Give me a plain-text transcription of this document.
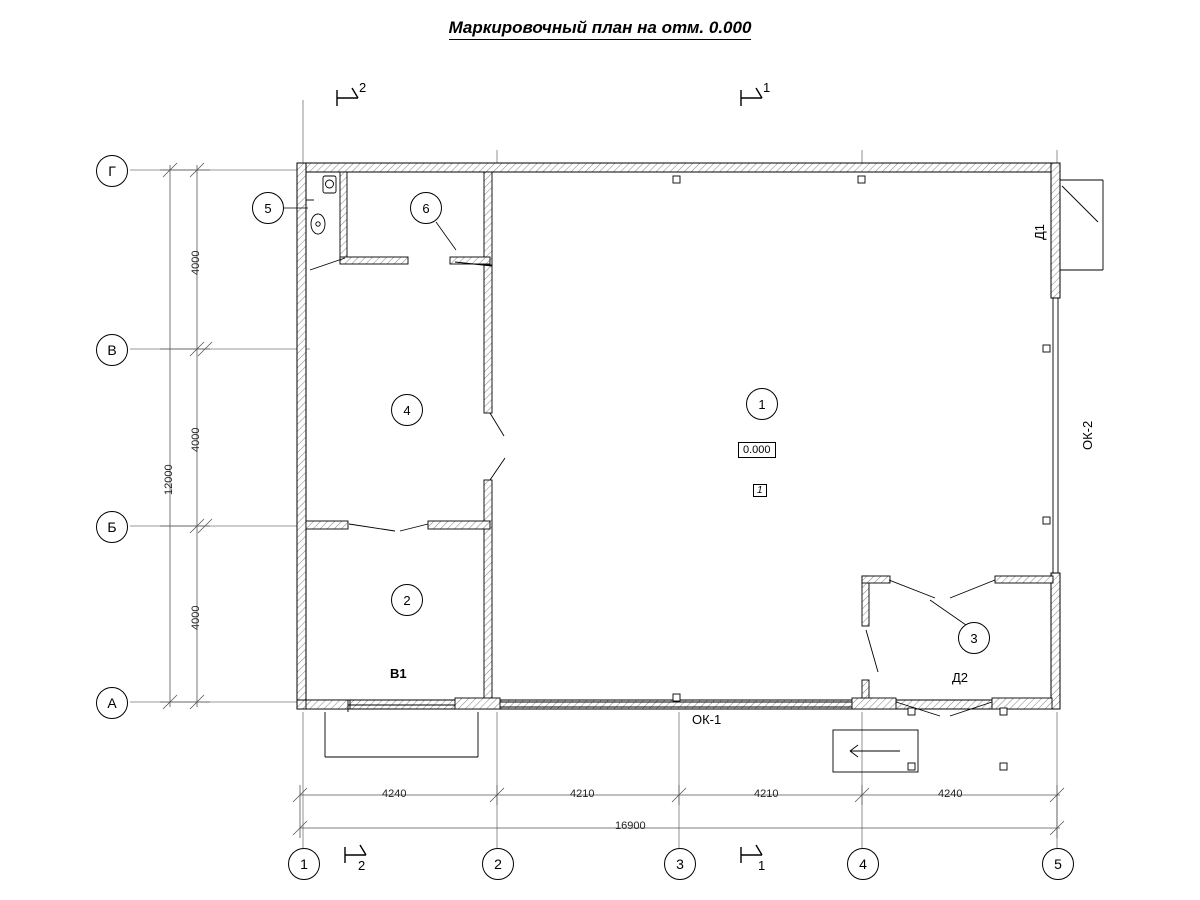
Маркировочный план на отм. 0.000
Г
В
Б
А
1	2	3	4	5
1
2
3
4
5	6
0.000
1
ОК-1
ОК-2
Д1
Д2
В1
4000
4000
4000
12000
4240	4210	4210	4240
16900
2	1
2	1
